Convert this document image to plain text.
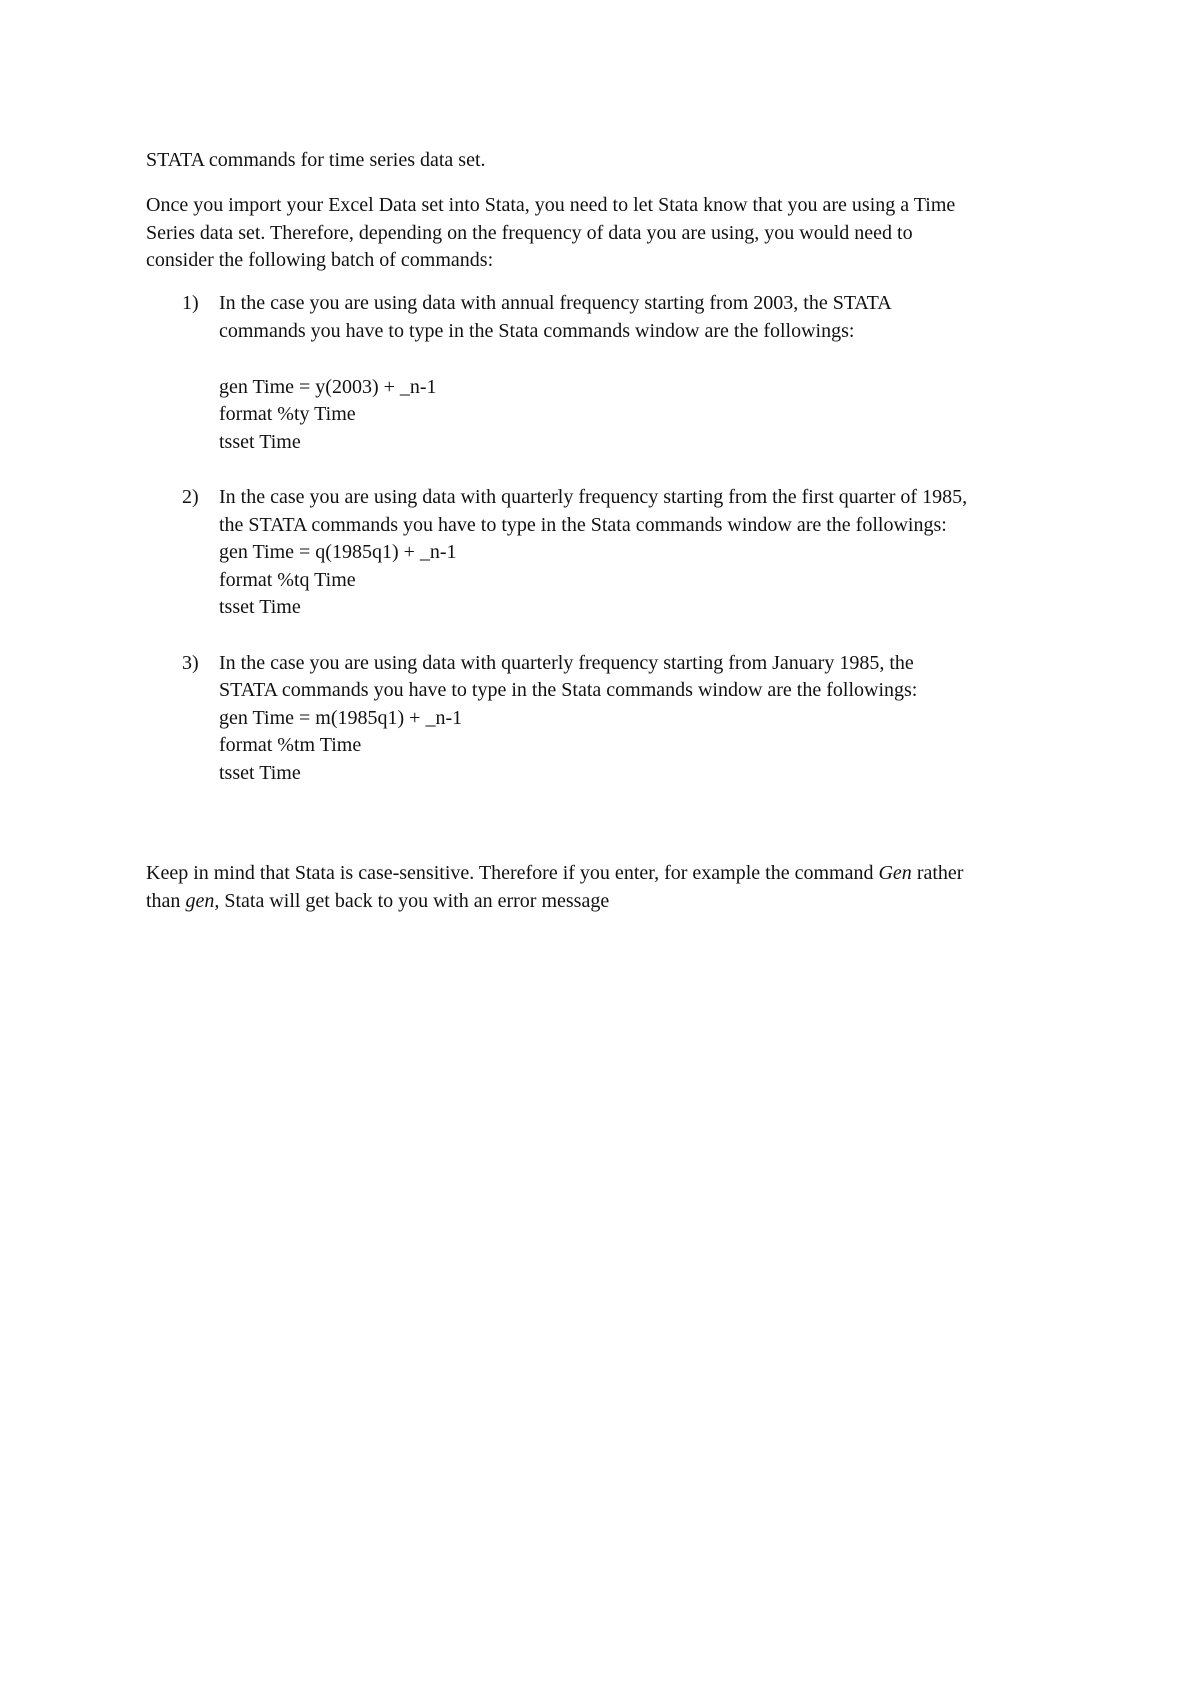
STATA commands for time series data set.
Once you import your Excel Data set into Stata, you need to let Stata know that you are using a Time
Series data set. Therefore, depending on the frequency of data you are using, you would need to
consider the following batch of commands:
1) In the case you are using data with annual frequency starting from 2003, the STATA
commands you have to type in the Stata commands window are the followings:
gen Time = y(2003) + _n-1
format %ty Time
tsset Time
2) In the case you are using data with quarterly frequency starting from the first quarter of 1985,
the STATA commands you have to type in the Stata commands window are the followings:
gen Time = q(1985q1) + _n-1
format %tq Time
tsset Time
3) In the case you are using data with quarterly frequency starting from January 1985, the
STATA commands you have to type in the Stata commands window are the followings:
gen Time = m(1985q1) + _n-1
format %tm Time
tsset Time
Keep in mind that Stata is case-sensitive. Therefore if you enter, for example the command Gen rather
than gen, Stata will get back to you with an error message
